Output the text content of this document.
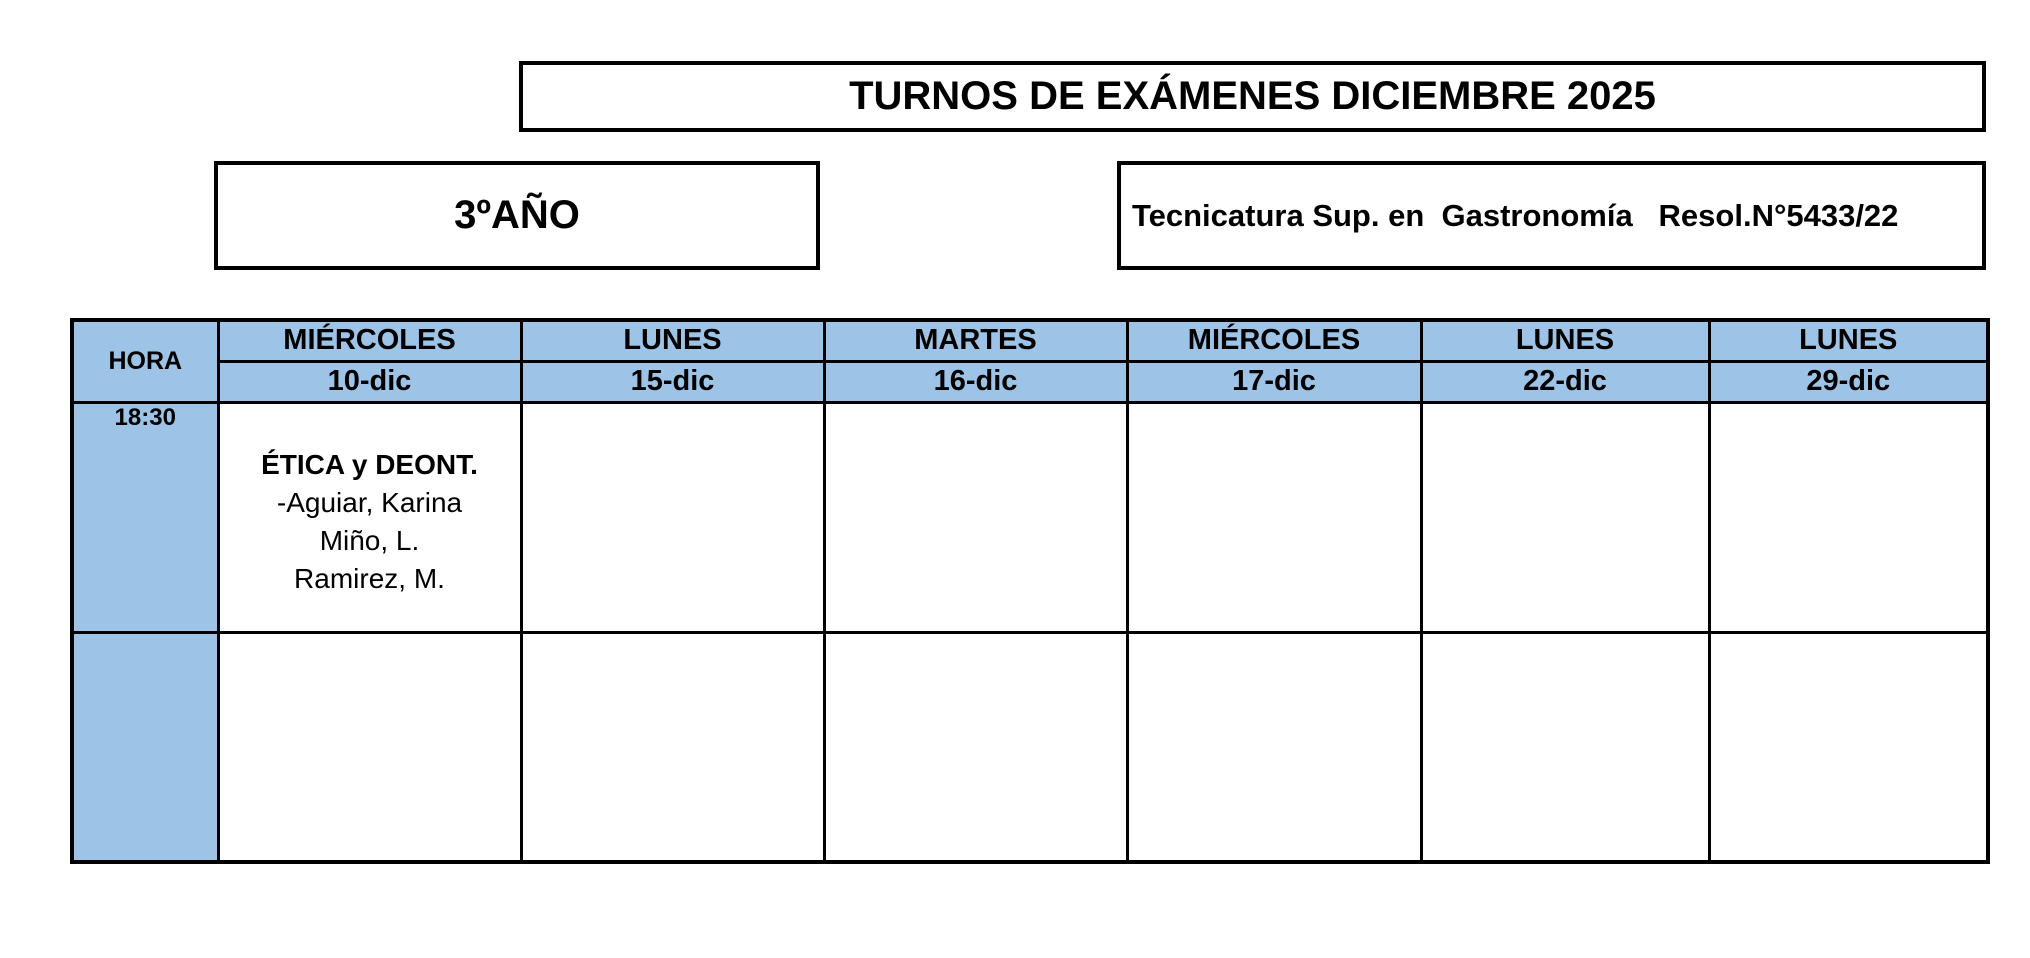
TURNOS DE EXÁMENES DICIEMBRE 2025
3ºAÑO	Tecnicatura Sup. en  Gastronomía   Resol.N°5433/22
HORA	MIÉRCOLES	LUNES	MARTES	MIÉRCOLES	LUNES	LUNES
	10-dic	15-dic	16-dic	17-dic	22-dic	29-dic
18:30	ÉTICA y DEONT.
-Aguiar, Karina
Miño, L.
Ramirez, M.					
